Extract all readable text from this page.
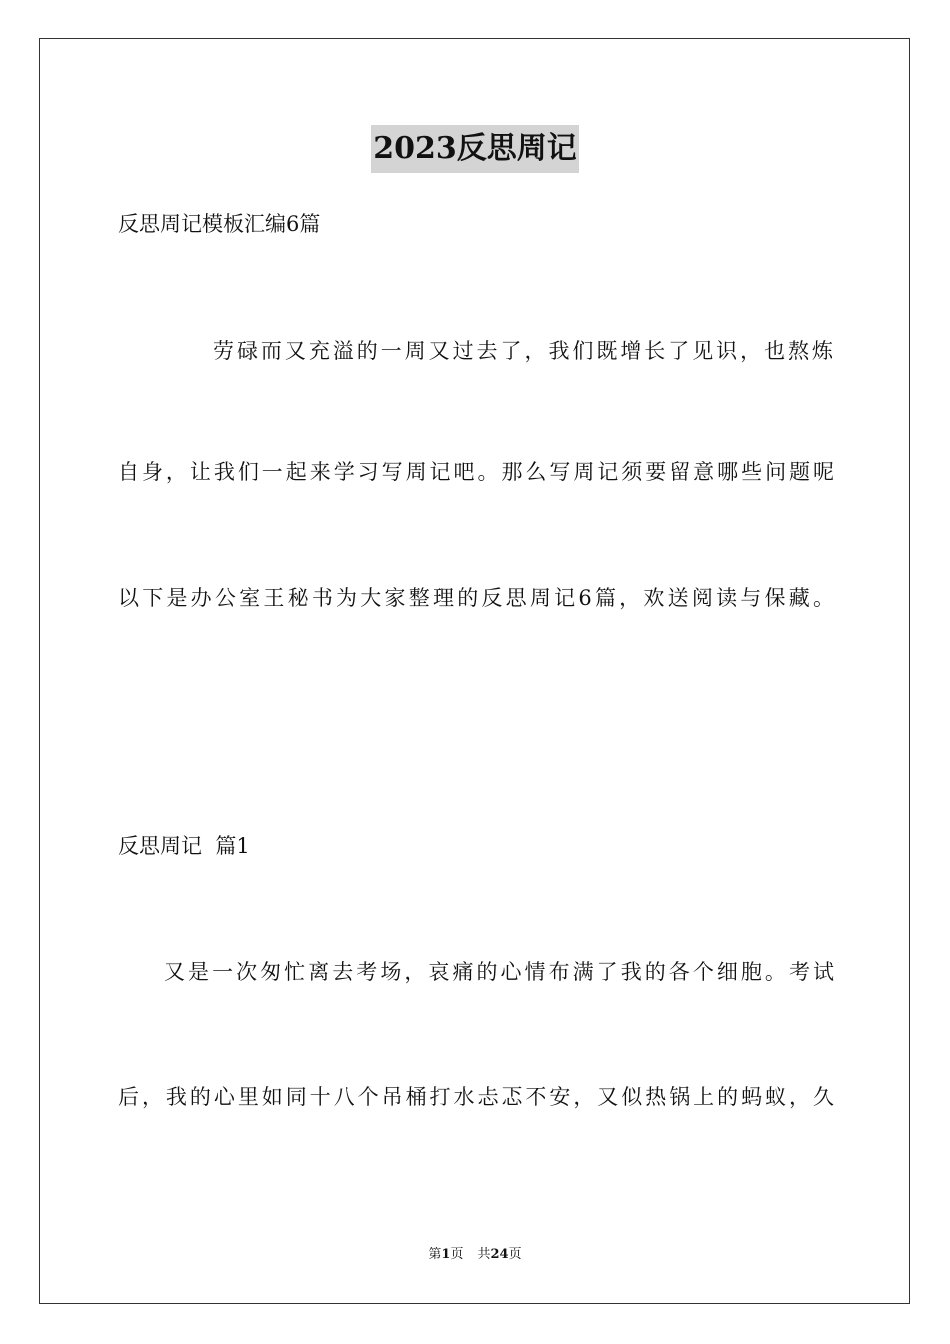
2023反思周记
反思周记模板汇编6篇
劳碌而又充溢的一周又过去了，我们既增长了见识，也熬炼
自身，让我们一起来学习写周记吧。那么写周记须要留意哪些问题呢
以下是办公室王秘书为大家整理的反思周记6篇，欢送阅读与保藏。
反思周记  篇1
又是一次匆忙离去考场，哀痛的心情布满了我的各个细胞。考试
后，我的心里如同十八个吊桶打水忐忑不安，又似热锅上的蚂蚁，久
第1页 共24页
